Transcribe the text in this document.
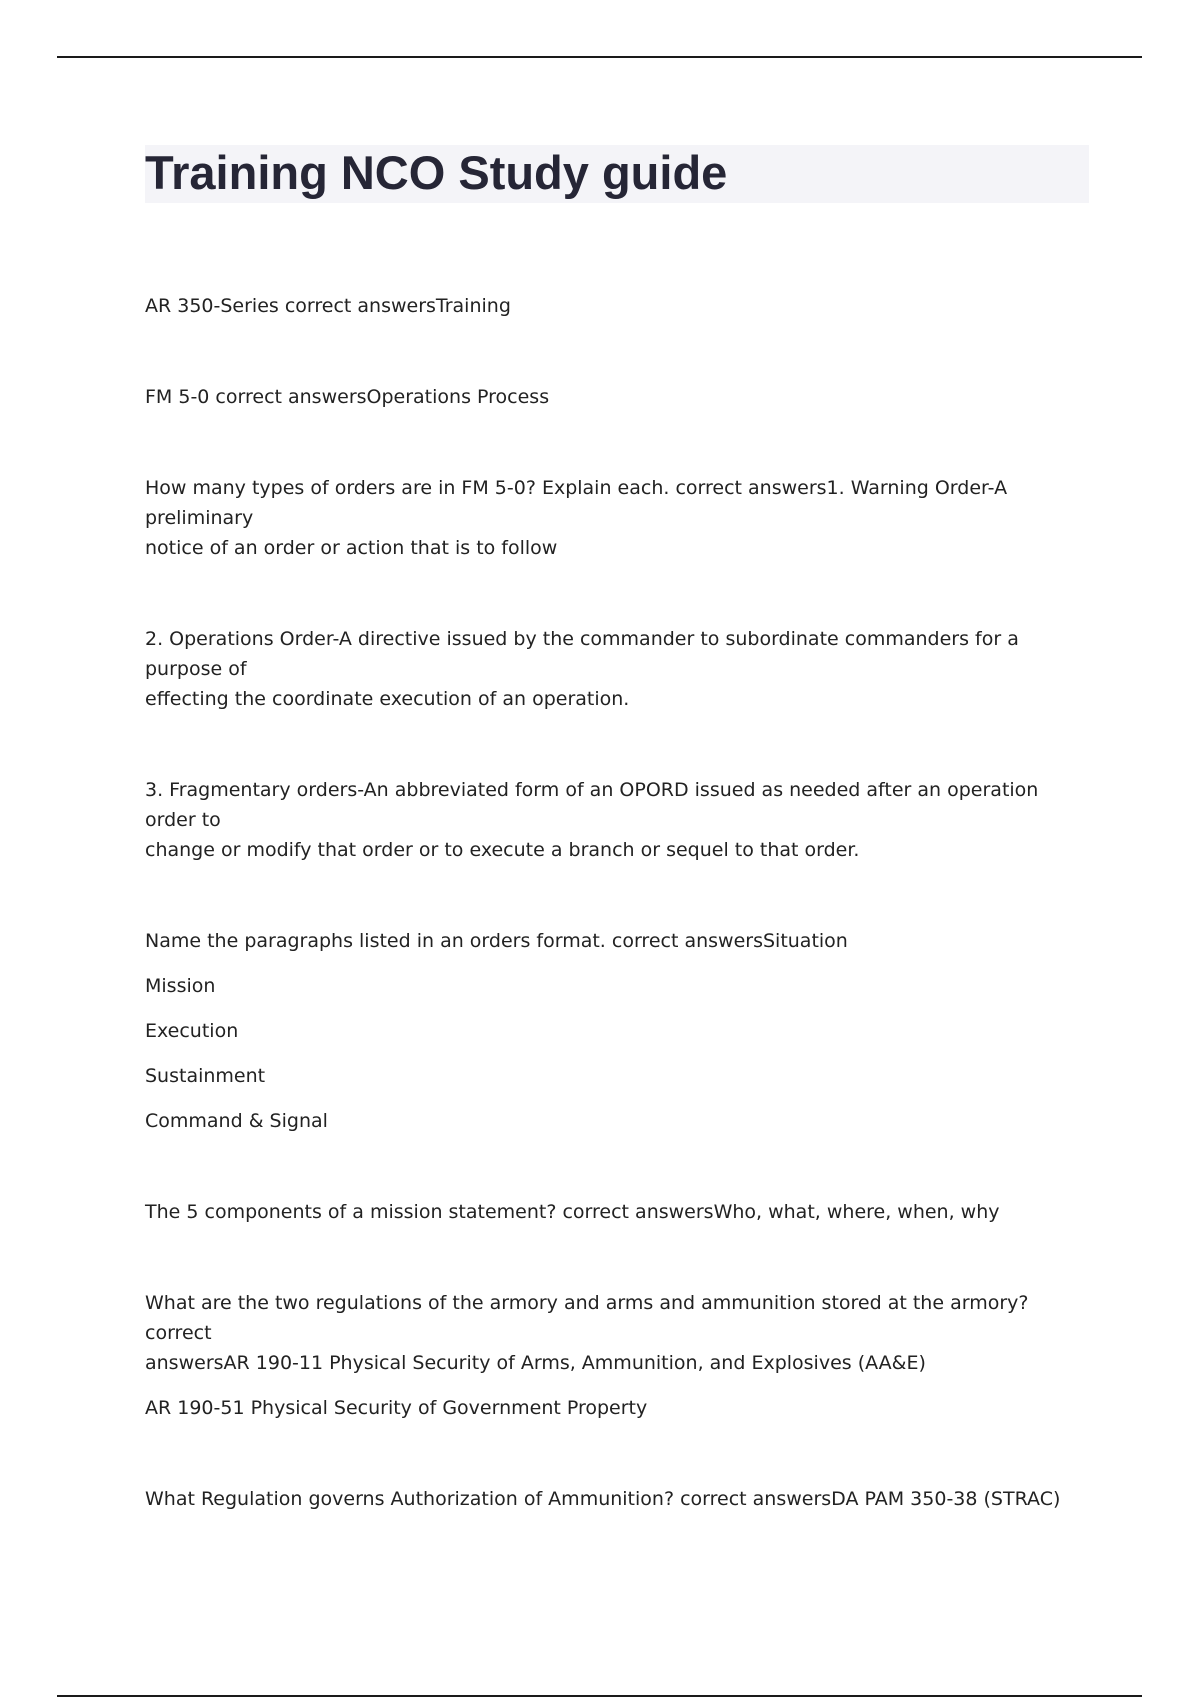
Training NCO Study guide
AR 350-Series correct answersTraining
FM 5-0 correct answersOperations Process
How many types of orders are in FM 5-0? Explain each. correct answers1. Warning Order-A preliminary
notice of an order or action that is to follow
2. Operations Order-A directive issued by the commander to subordinate commanders for a purpose of
effecting the coordinate execution of an operation.
3. Fragmentary orders-An abbreviated form of an OPORD issued as needed after an operation order to
change or modify that order or to execute a branch or sequel to that order.
Name the paragraphs listed in an orders format. correct answersSituation
Mission
Execution
Sustainment
Command & Signal
The 5 components of a mission statement? correct answersWho, what, where, when, why
What are the two regulations of the armory and arms and ammunition stored at the armory? correct
answersAR 190-11 Physical Security of Arms, Ammunition, and Explosives (AA&E)
AR 190-51 Physical Security of Government Property
What Regulation governs Authorization of Ammunition? correct answersDA PAM 350-38 (STRAC)
